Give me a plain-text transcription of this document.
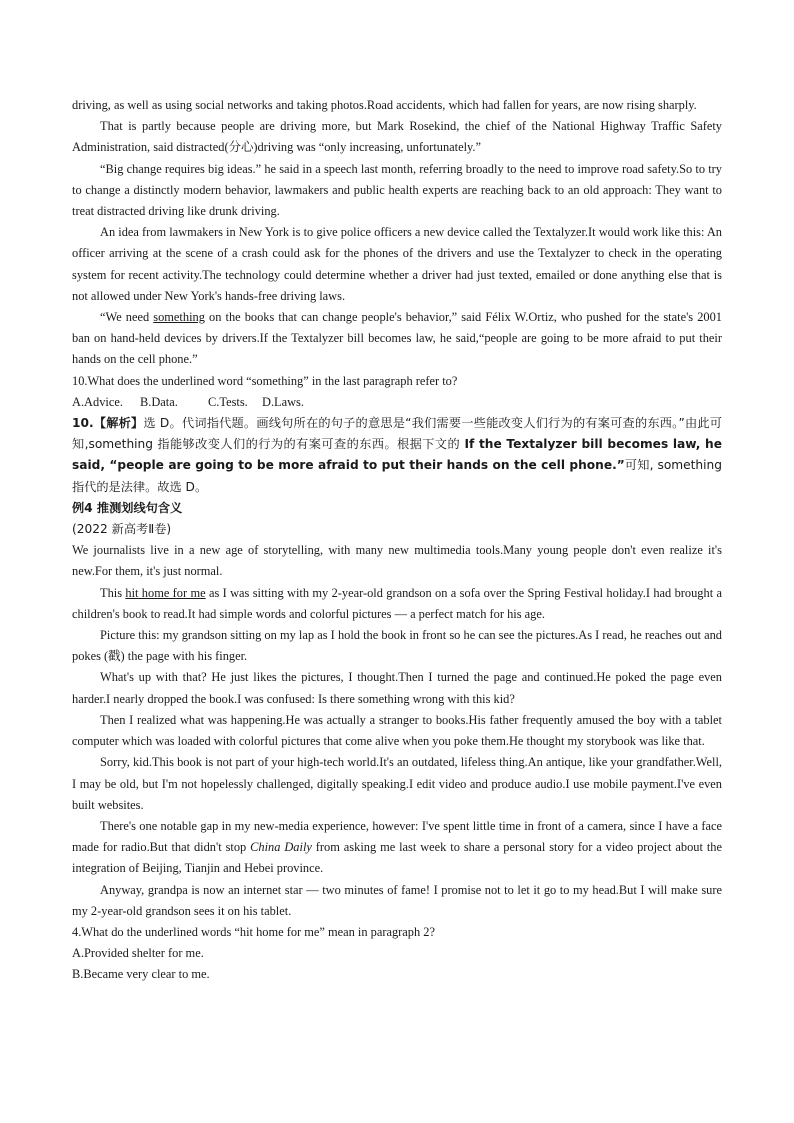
driving, as well as using social networks and taking photos.Road accidents, which had fallen for years, are now rising sharply.

That is partly because people are driving more, but Mark Rosekind, the chief of the National Highway Traffic Safety Administration, said distracted(分心)driving was “only increasing, unfortunately.”

“Big change requires big ideas.” he said in a speech last month, referring broadly to the need to improve road safety.So to try to change a distinctly modern behavior, lawmakers and public health experts are reaching back to an old approach: They want to treat distracted driving like drunk driving.

An idea from lawmakers in New York is to give police officers a new device called the Textalyzer.It would work like this: An officer arriving at the scene of a crash could ask for the phones of the drivers and use the Textalyzer to check in the operating system for recent activity.The technology could determine whether a driver had just texted, emailed or done anything else that is not allowed under New York's hands-free driving laws.

“We need something on the books that can change people's behavior,” said Félix W.Ortiz, who pushed for the state's 2001 ban on hand-held devices by drivers.If the Textalyzer bill becomes law, he said,“people are going to be more afraid to put their hands on the cell phone.”

10.What does the underlined word “something” in the last paragraph refer to?

A.Advice. B.Data. C.Tests. D.Laws.

10.【解析】选 D。代词指代题。画线句所在的句子的意思是“我们需要一些能改变人们行为的有案可查的东西。”由此可知,something 指能够改变人们的行为的有案可查的东西。根据下文的 If the Textalyzer bill becomes law, he said, “people are going to be more afraid to put their hands on the cell phone.”可知, something 指代的是法律。故选 D。

例4 推测划线句含义

(2022 新高考Ⅱ卷)

We journalists live in a new age of storytelling, with many new multimedia tools.Many young people don't even realize it's new.For them, it's just normal.

This hit home for me as I was sitting with my 2-year-old grandson on a sofa over the Spring Festival holiday.I had brought a children's book to read.It had simple words and colorful pictures — a perfect match for his age.

Picture this: my grandson sitting on my lap as I hold the book in front so he can see the pictures.As I read, he reaches out and pokes (戳) the page with his finger.

What's up with that? He just likes the pictures, I thought.Then I turned the page and continued.He poked the page even harder.I nearly dropped the book.I was confused: Is there something wrong with this kid?

Then I realized what was happening.He was actually a stranger to books.His father frequently amused the boy with a tablet computer which was loaded with colorful pictures that come alive when you poke them.He thought my storybook was like that.

Sorry, kid.This book is not part of your high-tech world.It's an outdated, lifeless thing.An antique, like your grandfather.Well, I may be old, but I'm not hopelessly challenged, digitally speaking.I edit video and produce audio.I use mobile payment.I've even built websites.

There's one notable gap in my new-media experience, however: I've spent little time in front of a camera, since I have a face made for radio.But that didn't stop China Daily from asking me last week to share a personal story for a video project about the integration of Beijing, Tianjin and Hebei province.

Anyway, grandpa is now an internet star — two minutes of fame! I promise not to let it go to my head.But I will make sure my 2-year-old grandson sees it on his tablet.

4.What do the underlined words “hit home for me” mean in paragraph 2?

A.Provided shelter for me.

B.Became very clear to me.
